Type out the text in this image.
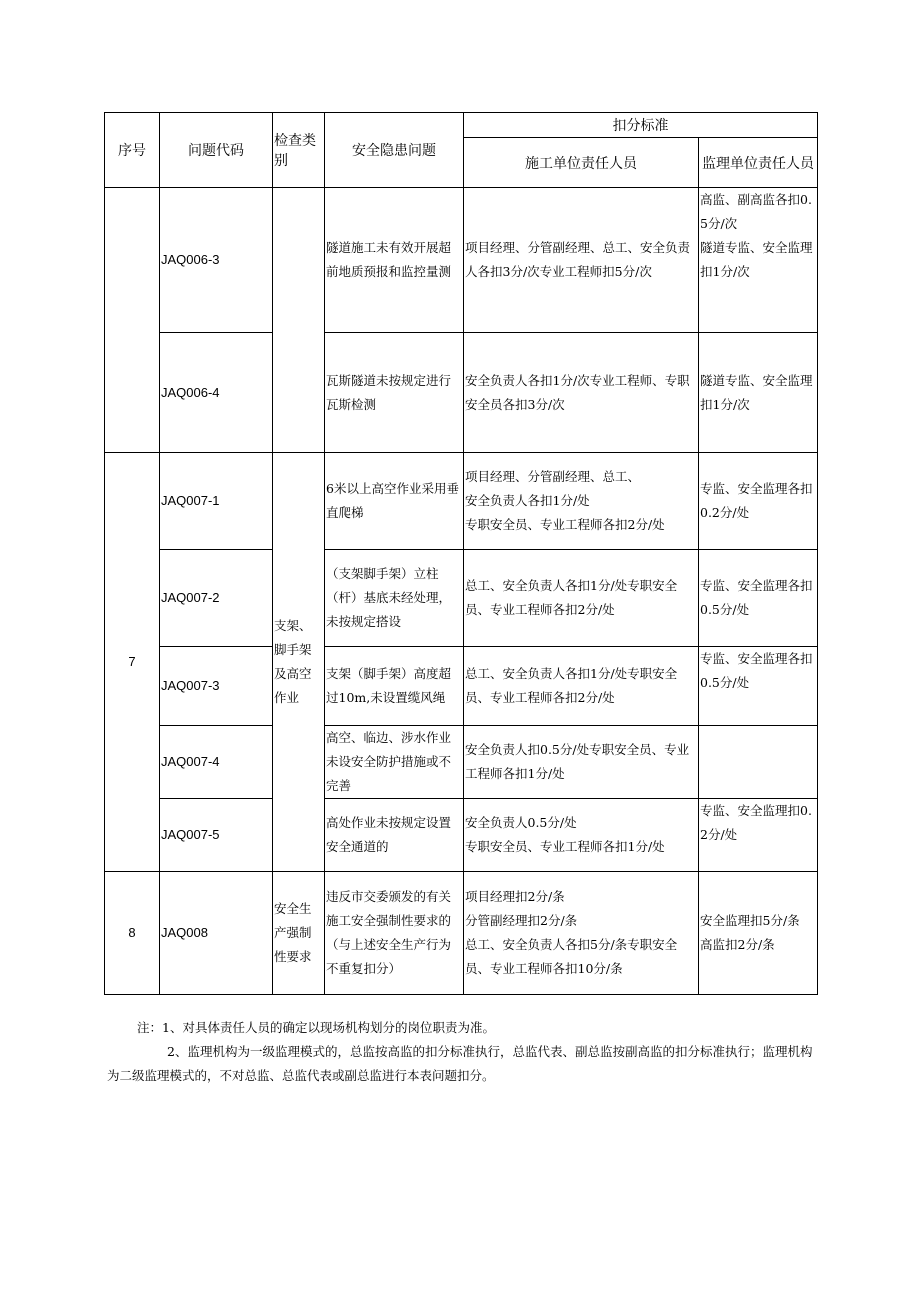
序号	问题代码	检查类别	安全隐患问题	扣分标准	
				施工单位责任人员	监理单位责任人员
	JAQ006-3		隧道施工未有效开展超前地质预报和监控量测	项目经理、分管副经理、总工、安全负责人各扣3分/次专业工程师扣5分/次	高监、副高监各扣0.5分/次
隧道专监、安全监理扣1分/次
	JAQ006-4		瓦斯隧道未按规定进行瓦斯检测	安全负责人各扣1分/次专业工程师、专职安全员各扣3分/次	隧道专监、安全监理扣1分/次
7	JAQ007-1	支架、脚手架及高空作业	6米以上高空作业采用垂直爬梯	项目经理、分管副经理、总工、
安全负责人各扣1分/处
专职安全员、专业工程师各扣2分/处	专监、安全监理各扣0.2分/处
	JAQ007-2		（支架脚手架）立柱（杆）基底未经处理，未按规定搭设	总工、安全负责人各扣1分/处专职安全员、专业工程师各扣2分/处	专监、安全监理各扣0.5分/处
	JAQ007-3		支架（脚手架）高度超过10m,未设置缆风绳	总工、安全负责人各扣1分/处专职安全员、专业工程师各扣2分/处	专监、安全监理各扣0.5分/处
	JAQ007-4		高空、临边、涉水作业未设安全防护措施或不完善	安全负责人扣0.5分/处专职安全员、专业工程师各扣1分/处	
	JAQ007-5		高处作业未按规定设置安全通道的	安全负责人0.5分/处
专职安全员、专业工程师各扣1分/处	专监、安全监理扣0.2分/处
8	JAQ008	安全生产强制性要求	违反市交委颁发的有关施工安全强制性要求的（与上述安全生产行为不重复扣分）	项目经理扣2分/条
分管副经理扣2分/条
总工、安全负责人各扣5分/条专职安全员、专业工程师各扣10分/条	安全监理扣5分/条
高监扣2分/条

注：1、对具体责任人员的确定以现场机构划分的岗位职责为准。

2、监理机构为一级监理模式的，总监按高监的扣分标准执行，总监代表、副总监按副高监的扣分标准执行；监理机构为二级监理模式的，不对总监、总监代表或副总监进行本表问题扣分。
